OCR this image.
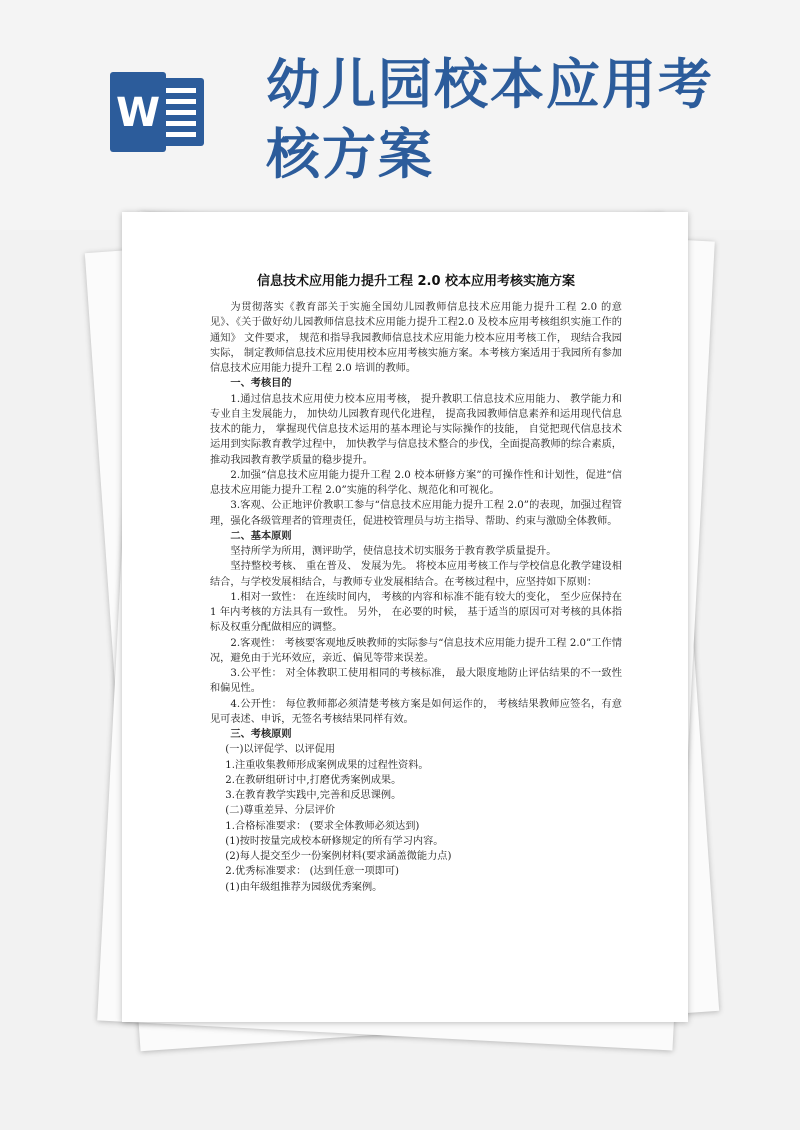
W 幼儿园校本应用考
核方案
信息技术应用能力提升工程 2.0 校本应用考核实施方案

为贯彻落实《教育部关于实施全国幼儿园教师信息技术应用能力提升工程 2.0 的意见》、《关于做好幼儿园教师信息技术应用能力提升工程2.0 及校本应用考核组织实施工作的通知》 文件要求， 规范和指导我园教师信息技术应用能力校本应用考核工作， 现结合我园实际， 制定教师信息技术应用使用校本应用考核实施方案。本考核方案适用于我园所有参加信息技术应用能力提升工程 2.0 培训的教师。

一、考核目的

1.通过信息技术应用使力校本应用考核， 提升教职工信息技术应用能力、 教学能力和专业自主发展能力， 加快幼儿园教育现代化进程， 提高我园教师信息素养和运用现代信息技术的能力， 掌握现代信息技术运用的基本理论与实际操作的技能， 自觉把现代信息技术运用到实际教育教学过程中， 加快教学与信息技术整合的步伐，全面提高教师的综合素质，推动我园教育教学质量的稳步提升。

2.加强“信息技术应用能力提升工程 2.0 校本研修方案”的可操作性和计划性，促进“信息技术应用能力提升工程 2.0”实施的科学化、规范化和可视化。

3.客观、公正地评价教职工参与“信息技术应用能力提升工程 2.0”的表现，加强过程管理，强化各级管理者的管理责任，促进校管理员与坊主指导、帮助、约束与激励全体教师。

二、基本原则

坚持所学为所用，测评助学，使信息技术切实服务于教育教学质量提升。

坚持整校考核、 重在普及、 发展为先。 将校本应用考核工作与学校信息化教学建设相结合，与学校发展相结合，与教师专业发展相结合。在考核过程中，应坚持如下原则：

1.相对一致性： 在连续时间内， 考核的内容和标准不能有较大的变化， 至少应保持在 1 年内考核的方法具有一致性。 另外， 在必要的时候， 基于适当的原因可对考核的具体指标及权重分配做相应的调整。

2.客观性： 考核要客观地反映教师的实际参与“信息技术应用能力提升工程 2.0”工作情况，避免由于光环效应，亲近、偏见等带来误差。

3.公平性： 对全体教职工使用相同的考核标准， 最大限度地防止评估结果的不一致性和偏见性。

4.公开性： 每位教师都必须清楚考核方案是如何运作的， 考核结果教师应签名，有意见可表述、申诉，无签名考核结果同样有效。

三、考核原则

(一)以评促学、以评促用

1.注重收集教师形成案例成果的过程性资料。

2.在教研组研讨中,打磨优秀案例成果。

3.在教育教学实践中,完善和反思课例。

(二)尊重差异、分层评价

1.合格标准要求： (要求全体教师必须达到)

(1)按时按量完成校本研修规定的所有学习内容。

(2)每人提交至少一份案例材料(要求涵盖微能力点)

2.优秀标准要求： (达到任意一项即可)

(1)由年级组推荐为园级优秀案例。
